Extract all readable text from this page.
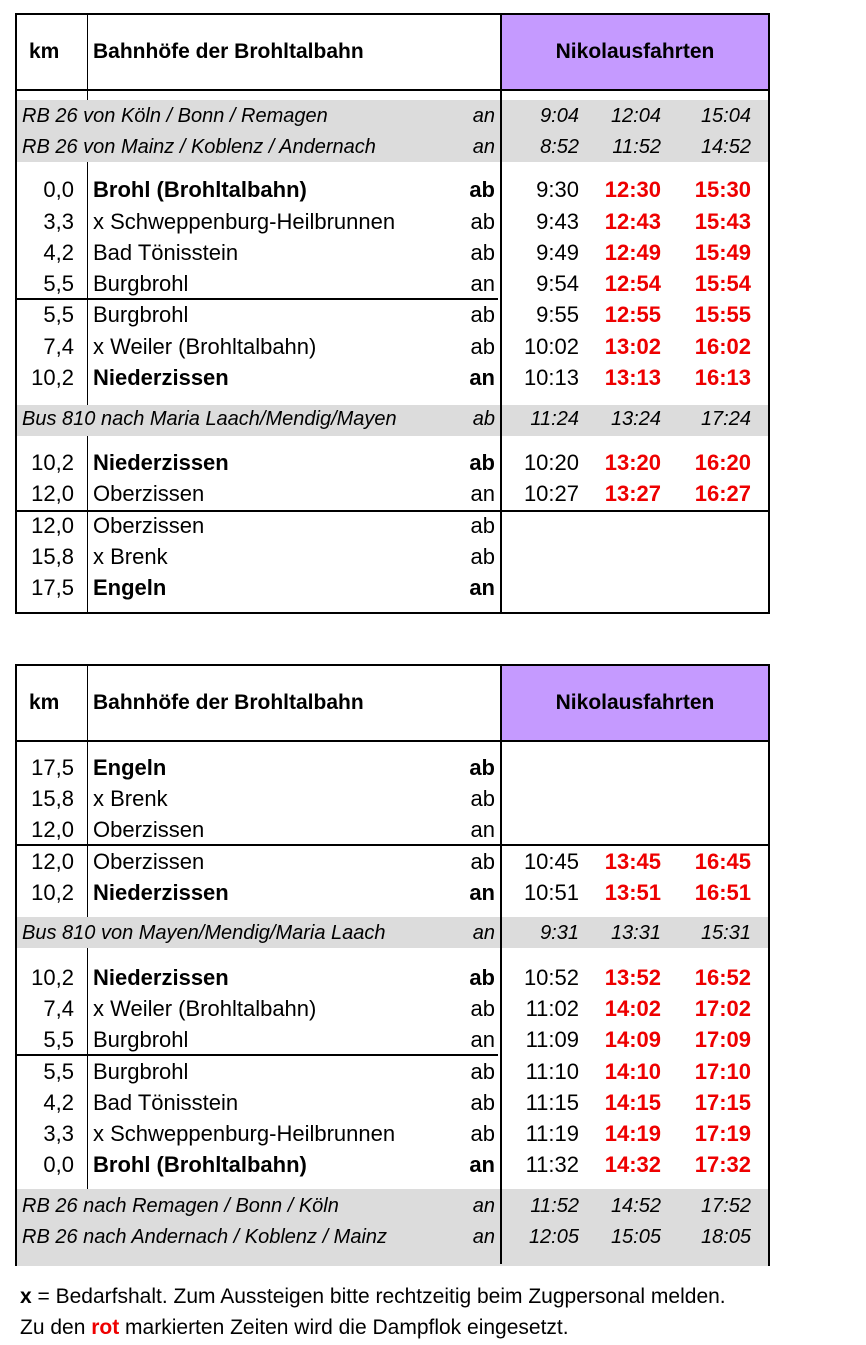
km Bahnhöfe der Brohltalbahn	Nikolausfahrten
RB 26 von Köln / Bonn / Remagen	an	9:04	12:04	15:04
RB 26 von Mainz / Koblenz / Andernach	an	8:52	11:52	14:52
0,0 Brohl (Brohltalbahn)	ab	9:30	12:30	15:30
3,3 x Schweppenburg-Heilbrunnen	ab	9:43	12:43	15:43
4,2 Bad Tönisstein	ab	9:49	12:49	15:49
5,5 Burgbrohl	an	9:54	12:54	15:54
5,5 Burgbrohl	ab	9:55	12:55	15:55
7,4 x Weiler (Brohltalbahn)	ab	10:02	13:02	16:02
10,2 Niederzissen	an	10:13	13:13	16:13
Bus 810 nach Maria Laach/Mendig/Mayen	ab	11:24	13:24	17:24
10,2 Niederzissen	ab	10:20	13:20	16:20
12,0 Oberzissen	an	10:27	13:27	16:27
12,0 Oberzissen	ab
15,8 x Brenk	ab
17,5 Engeln	an
km Bahnhöfe der Brohltalbahn	Nikolausfahrten
17,5 Engeln	ab
15,8 x Brenk	ab
12,0 Oberzissen	an
12,0 Oberzissen	ab	10:45	13:45	16:45
10,2 Niederzissen	an	10:51	13:51	16:51
Bus 810 von Mayen/Mendig/Maria Laach	an	9:31	13:31	15:31
10,2 Niederzissen	ab	10:52	13:52	16:52
7,4 x Weiler (Brohltalbahn)	ab	11:02	14:02	17:02
5,5 Burgbrohl	an	11:09	14:09	17:09
5,5 Burgbrohl	ab	11:10	14:10	17:10
4,2 Bad Tönisstein	ab	11:15	14:15	17:15
3,3 x Schweppenburg-Heilbrunnen	ab	11:19	14:19	17:19
0,0 Brohl (Brohltalbahn)	an	11:32	14:32	17:32
RB 26 nach Remagen / Bonn / Köln	an	11:52	14:52	17:52
RB 26 nach Andernach / Koblenz / Mainz	an	12:05	15:05	18:05
x = Bedarfshalt. Zum Aussteigen bitte rechtzeitig beim Zugpersonal melden.
Zu den rot markierten Zeiten wird die Dampflok eingesetzt.
